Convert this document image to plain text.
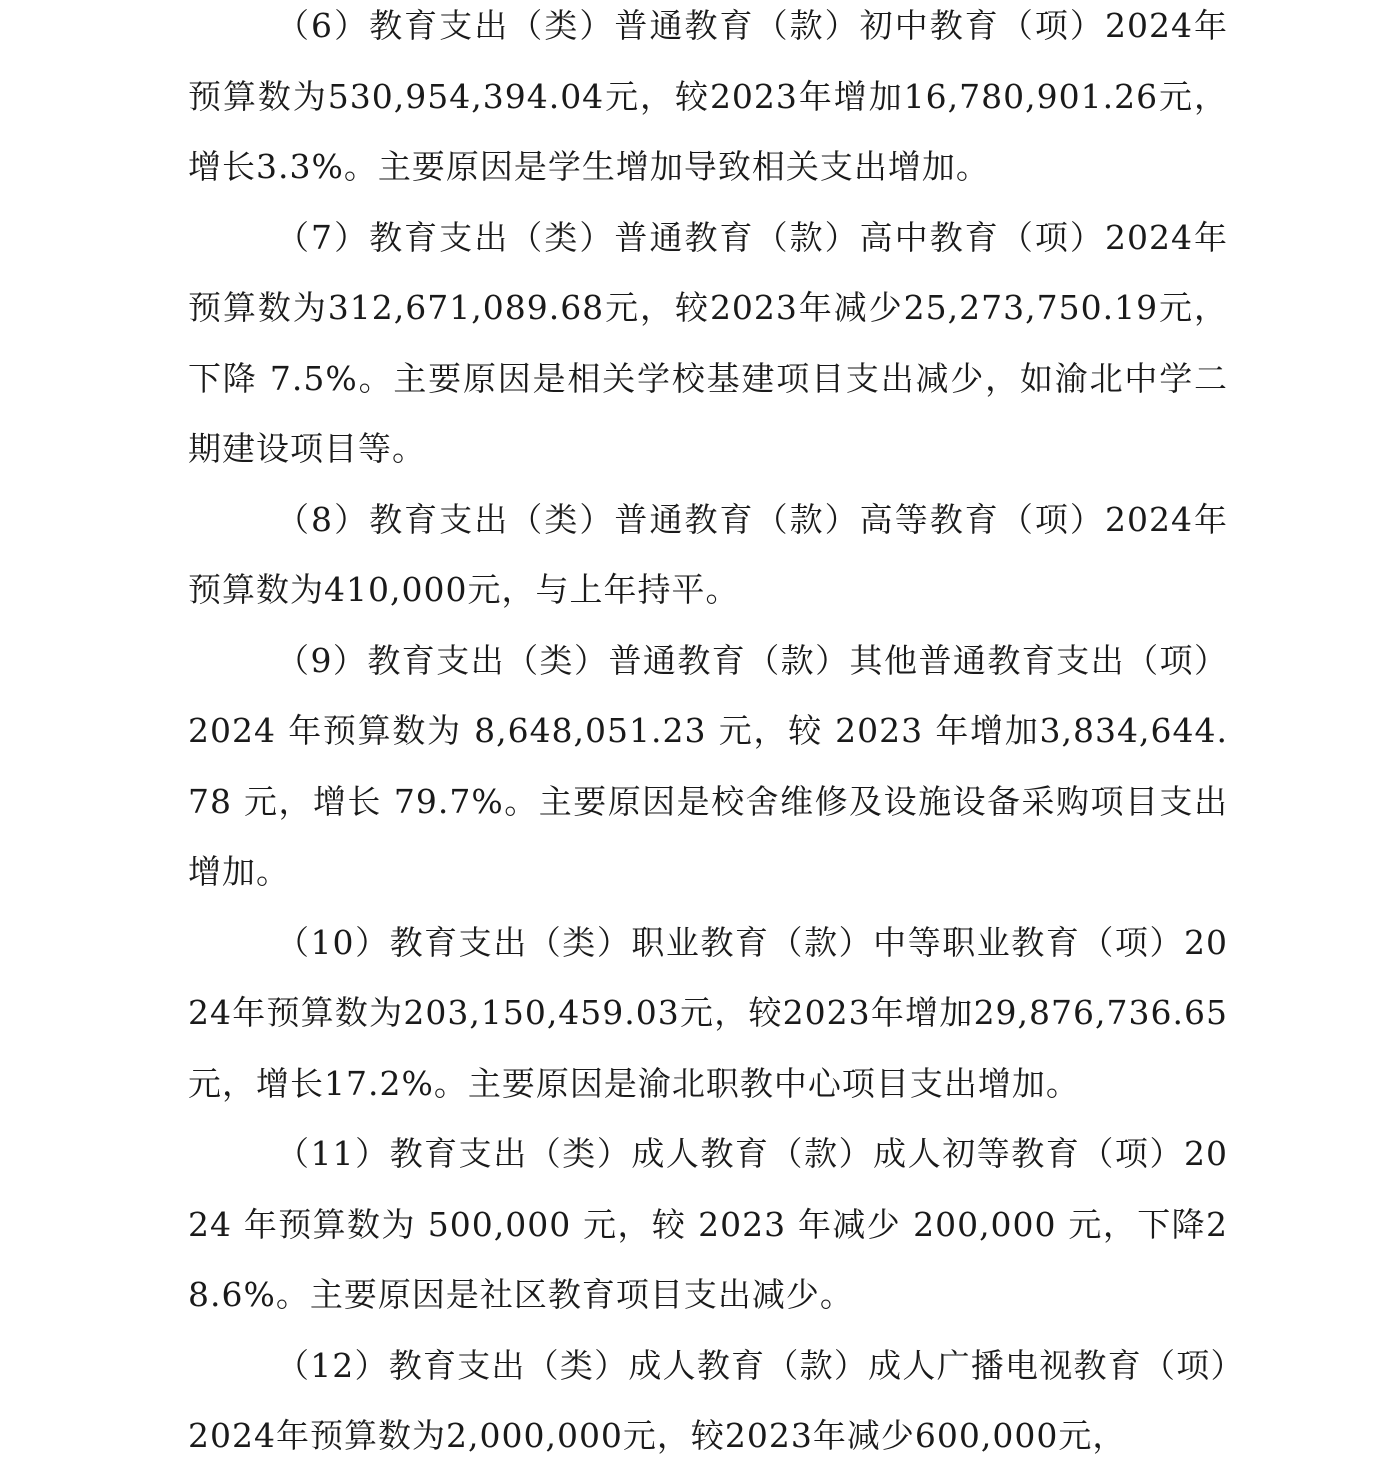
（6）教育支出（类）普通教育（款）初中教育（项）2024年预算数为530,954,394.04元，较2023年增加16,780,901.26元，增长3.3%。主要原因是学生增加导致相关支出增加。

（7）教育支出（类）普通教育（款）高中教育（项）2024年预算数为312,671,089.68元，较2023年减少25,273,750.19元，下降 7.5%。主要原因是相关学校基建项目支出减少，如渝北中学二期建设项目等。

（8）教育支出（类）普通教育（款）高等教育（项）2024年预算数为410,000元，与上年持平。

（9）教育支出（类）普通教育（款）其他普通教育支出（项）2024 年预算数为 8,648,051.23 元，较 2023 年增加3,834,644.78 元，增长 79.7%。主要原因是校舍维修及设施设备采购项目支出增加。

（10）教育支出（类）职业教育（款）中等职业教育（项）2024年预算数为203,150,459.03元，较2023年增加29,876,736.65元，增长17.2%。主要原因是渝北职教中心项目支出增加。

（11）教育支出（类）成人教育（款）成人初等教育（项）2024 年预算数为 500,000 元，较 2023 年减少 200,000 元，下降28.6%。主要原因是社区教育项目支出减少。

（12）教育支出（类）成人教育（款）成人广播电视教育（项）2024年预算数为2,000,000元，较2023年减少600,000元，
